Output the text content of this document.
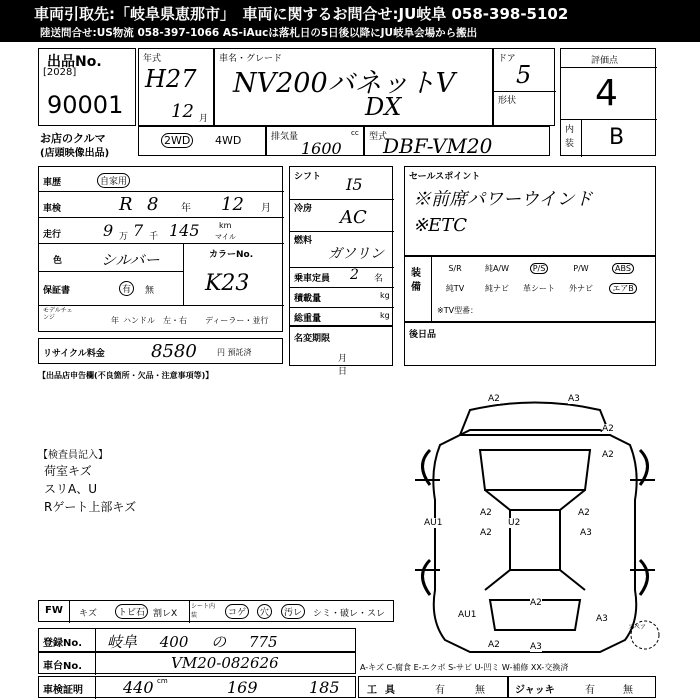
車両引取先:「岐阜県恵那市」　車両に関するお問合せ:JU岐阜 058-398-5102
陸送問合せ:US物流 058-397-1066 AS-iAucは落札日の5日後以降にJU岐阜会場から搬出
出品No.
[2028]
90001
年式
H27
12 月
車名・グレード
NV200バネットV
DX
ドア
5
形状
評価点
4
内装 B
お店のクルマ
(店頭映像出品)
2WD 4WD	排気量	cc
1600
型式
DBF-VM20
車歴	自家用
車検	R 8 年 12 月
走行	9 万 7 千 145 km
マイル
色	シルバー	カラーNo.
K23
保証書	有	無
モデルチェンジ	年 ハンドル　左・右 ディーラー・並行
リサイクル料金	8580	円 預託済
【出品店申告欄(不良箇所・欠品・注意事項等)】
【検査員記入】
荷室キズ
スリA、U
Rゲート上部キズ
シフト I5
冷房 AC
燃料
ガソリン
乗車定員 2 名
積載量	kg
総重量	kg
名変期限
月日
セールスポイント
※前席パワーウインド
※ETC
装備
S/R	純A/W	P/S	P/W	ABS
純TV	純ナビ	革シート	外ナビ	エアB
※TV型番：
後日品
A2	A3
A2
A2
AU1
A2
U2
A2	A3
A2
A3
A2
AU1
A2	A3
スペア
FW キズ	トビ石 割レX
シート内装	コゲ	穴	汚レ	シミ・破レ・スレ
登録No. 岐阜 400 の 775
車台No.	VM20-082626	A-キズ C-腐食 E-エクボ S-サビ U-凹ミ W-補修 XX-交換済
車検証明	440 cm	169	185	工具	有	無	ジャッキ	有	無
